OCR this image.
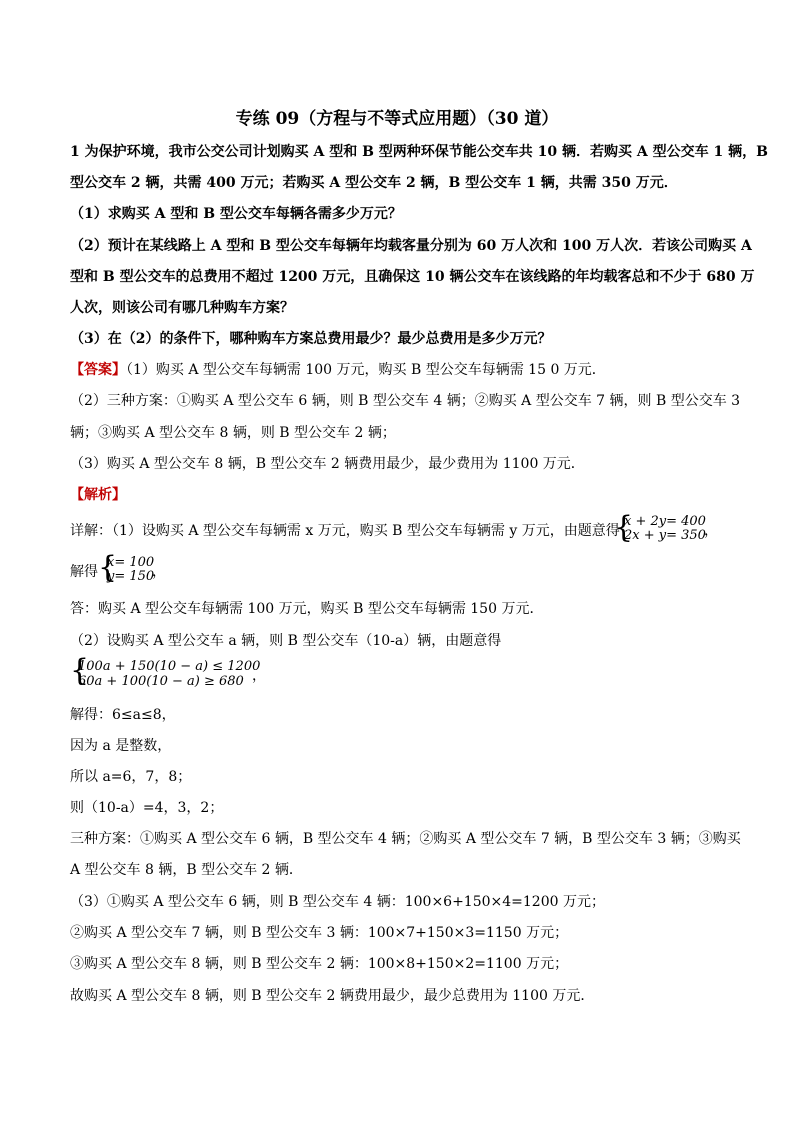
专练 09（方程与不等式应用题）（30 道）
1 为保护环境，我市公交公司计划购买 A 型和 B 型两种环保节能公交车共 10 辆．若购买 A 型公交车 1 辆，B
型公交车 2 辆，共需 400 万元；若购买 A 型公交车 2 辆，B 型公交车 1 辆，共需 350 万元．
（1）求购买 A 型和 B 型公交车每辆各需多少万元？
（2）预计在某线路上 A 型和 B 型公交车每辆年均载客量分别为 60 万人次和 100 万人次．若该公司购买 A
型和 B 型公交车的总费用不超过 1200 万元，且确保这 10 辆公交车在该线路的年均载客总和不少于 680 万
人次，则该公司有哪几种购车方案？
（3）在（2）的条件下，哪种购车方案总费用最少？最少总费用是多少万元？
【答案】（1）购买 A 型公交车每辆需 100 万元，购买 B 型公交车每辆需 15 0 万元．
（2）三种方案：①购买 A 型公交车 6 辆，则 B 型公交车 4 辆；②购买 A 型公交车 7 辆，则 B 型公交车 3
辆；③购买 A 型公交车 8 辆，则 B 型公交车 2 辆；
（3）购买 A 型公交车 8 辆，B 型公交车 2 辆费用最少，最少费用为 1100 万元．
【解析】
详解：（1）设购买 A 型公交车每辆需 x 万元，购买 B 型公交车每辆需 y 万元，由题意得
{
x + 2y= 400
2x + y= 350
，
解得 {
x= 100
y= 150
，
答：购买 A 型公交车每辆需 100 万元，购买 B 型公交车每辆需 150 万元．
（2）设购买 A 型公交车 a 辆，则 B 型公交车（10-a）辆，由题意得
{
100a + 150(10 − a) ≤ 1200
60a + 100(10 − a) ≥ 680 ，
解得：6≤a≤8，
因为 a 是整数，
所以 a=6，7，8；
则（10-a）=4，3，2；
三种方案：①购买 A 型公交车 6 辆，B 型公交车 4 辆；②购买 A 型公交车 7 辆，B 型公交车 3 辆；③购买
A 型公交车 8 辆，B 型公交车 2 辆．
（3）①购买 A 型公交车 6 辆，则 B 型公交车 4 辆：100×6+150×4=1200 万元；
②购买 A 型公交车 7 辆，则 B 型公交车 3 辆：100×7+150×3=1150 万元；
③购买 A 型公交车 8 辆，则 B 型公交车 2 辆：100×8+150×2=1100 万元；
故购买 A 型公交车 8 辆，则 B 型公交车 2 辆费用最少，最少总费用为 1100 万元．
